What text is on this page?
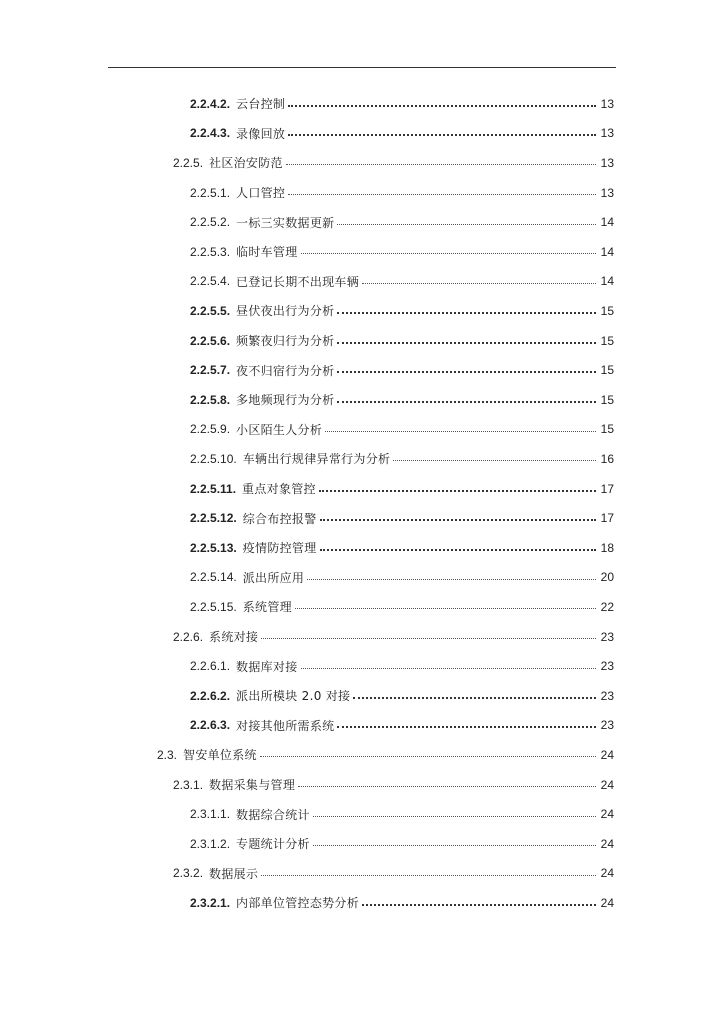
2.2.4.2. 云台控制	13
2.2.4.3. 录像回放	13
2.2.5. 社区治安防范	13
2.2.5.1. 人口管控	13
2.2.5.2. 一标三实数据更新	14
2.2.5.3. 临时车管理	14
2.2.5.4. 已登记长期不出现车辆	14
2.2.5.5. 昼伏夜出行为分析	15
2.2.5.6. 频繁夜归行为分析	15
2.2.5.7. 夜不归宿行为分析	15
2.2.5.8. 多地频现行为分析	15
2.2.5.9. 小区陌生人分析	15
2.2.5.10. 车辆出行规律异常行为分析	16
2.2.5.11. 重点对象管控	17
2.2.5.12. 综合布控报警	17
2.2.5.13. 疫情防控管理	18
2.2.5.14. 派出所应用	20
2.2.5.15. 系统管理	22
2.2.6. 系统对接	23
2.2.6.1. 数据库对接	23
2.2.6.2. 派出所模块 2.0 对接	23
2.2.6.3. 对接其他所需系统	23
2.3. 智安单位系统	24
2.3.1. 数据采集与管理	24
2.3.1.1. 数据综合统计	24
2.3.1.2. 专题统计分析	24
2.3.2. 数据展示	24
2.3.2.1. 内部单位管控态势分析	24
